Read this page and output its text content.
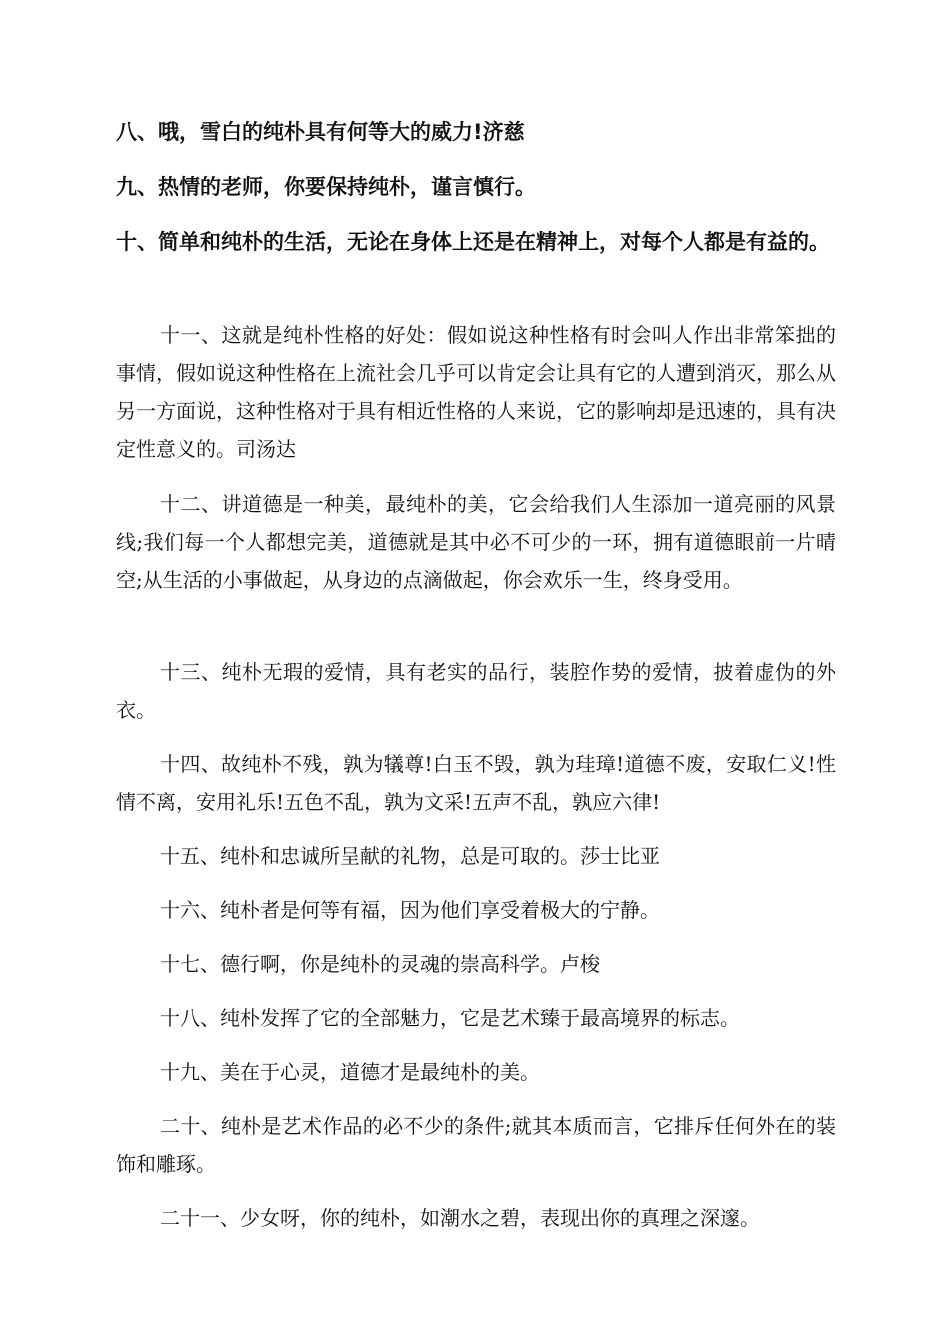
八、哦，雪白的纯朴具有何等大的威力!济慈

九、热情的老师，你要保持纯朴，谨言慎行。

十、简单和纯朴的生活，无论在身体上还是在精神上，对每个人都是有益的。

十一、这就是纯朴性格的好处：假如说这种性格有时会叫人作出非常笨拙的事情，假如说这种性格在上流社会几乎可以肯定会让具有它的人遭到消灭，那么从另一方面说，这种性格对于具有相近性格的人来说，它的影响却是迅速的，具有决定性意义的。司汤达

十二、讲道德是一种美，最纯朴的美，它会给我们人生添加一道亮丽的风景线;我们每一个人都想完美，道德就是其中必不可少的一环，拥有道德眼前一片晴空;从生活的小事做起，从身边的点滴做起，你会欢乐一生，终身受用。

十三、纯朴无瑕的爱情，具有老实的品行，装腔作势的爱情，披着虚伪的外衣。

十四、故纯朴不残，孰为犠尊!白玉不毁，孰为珪璋!道德不废，安取仁义!性情不离，安用礼乐!五色不乱，孰为文采!五声不乱，孰应六律!

十五、纯朴和忠诚所呈献的礼物，总是可取的。莎士比亚

十六、纯朴者是何等有福，因为他们享受着极大的宁静。

十七、德行啊，你是纯朴的灵魂的崇高科学。卢梭

十八、纯朴发挥了它的全部魅力，它是艺术臻于最高境界的标志。

十九、美在于心灵，道德才是最纯朴的美。

二十、纯朴是艺术作品的必不少的条件;就其本质而言，它排斥任何外在的装饰和雕琢。

二十一、少女呀，你的纯朴，如潮水之碧，表现出你的真理之深邃。
